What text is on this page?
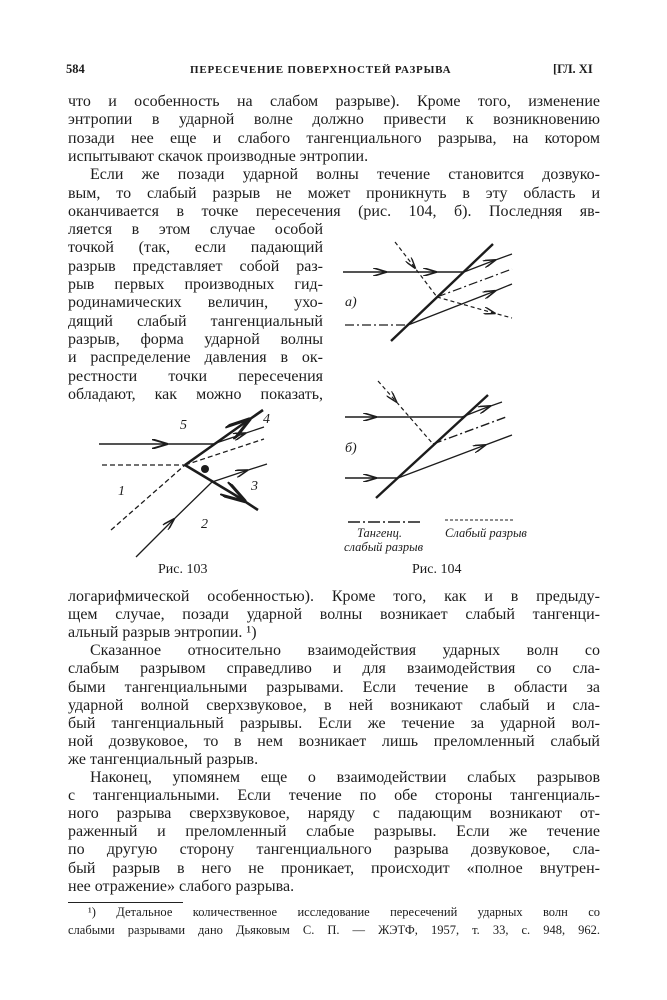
584	ПЕРЕСЕЧЕНИЕ ПОВЕРХНОСТЕЙ РАЗРЫВА	[ГЛ. XI
что и особенность на слабом разрыве). Кроме того, изменение
энтропии в ударной волне должно привести к возникновению
позади нее еще и слабого тангенциального разрыва, на котором
испытывают скачок производные энтропии.
Если же позади ударной волны течение становится дозвуко-
вым, то слабый разрыв не может проникнуть в эту область и
оканчивается в точке пересечения (рис. 104, б). Последняя яв-
ляется в этом случае особой
точкой (так, если падающий
разрыв представляет собой раз-
рыв первых производных гид-
родинамических величин, ухо-
дящий слабый тангенциальный
разрыв, форма ударной волны
и распределение давления в ок-
рестности точки пересечения
обладают, как можно показать,
логарифмической особенностью). Кроме того, как и в предыду-
щем случае, позади ударной волны возникает слабый тангенци-
альный разрыв энтропии. ¹)
Сказанное относительно взаимодействия ударных волн со
слабым разрывом справедливо и для взаимодействия со сла-
быми тангенциальными разрывами. Если течение в области за
ударной волной сверхзвуковое, в ней возникают слабый и сла-
бый тангенциальный разрывы. Если же течение за ударной вол-
ной дозвуковое, то в нем возникает лишь преломленный слабый
же тангенциальный разрыв.
Наконец, упомянем еще о взаимодействии слабых разрывов
с тангенциальными. Если течение по обе стороны тангенциаль-
ного разрыва сверхзвуковое, наряду с падающим возникают от-
раженный и преломленный слабые разрывы. Если же течение
по другую сторону тангенциального разрыва дозвуковое, сла-
бый разрыв в него не проникает, происходит «полное внутрен-
нее отражение» слабого разрыва.
¹) Детальное количественное исследование пересечений ударных волн со
слабыми разрывами дано Дьяковым С. П. — ЖЭТФ, 1957, т. 33, с. 948, 962.
5	4
1	3
2
а)
б)
Тангенц.
слабый разрыв
Слабый разрыв
Рис. 103	Рис. 104
